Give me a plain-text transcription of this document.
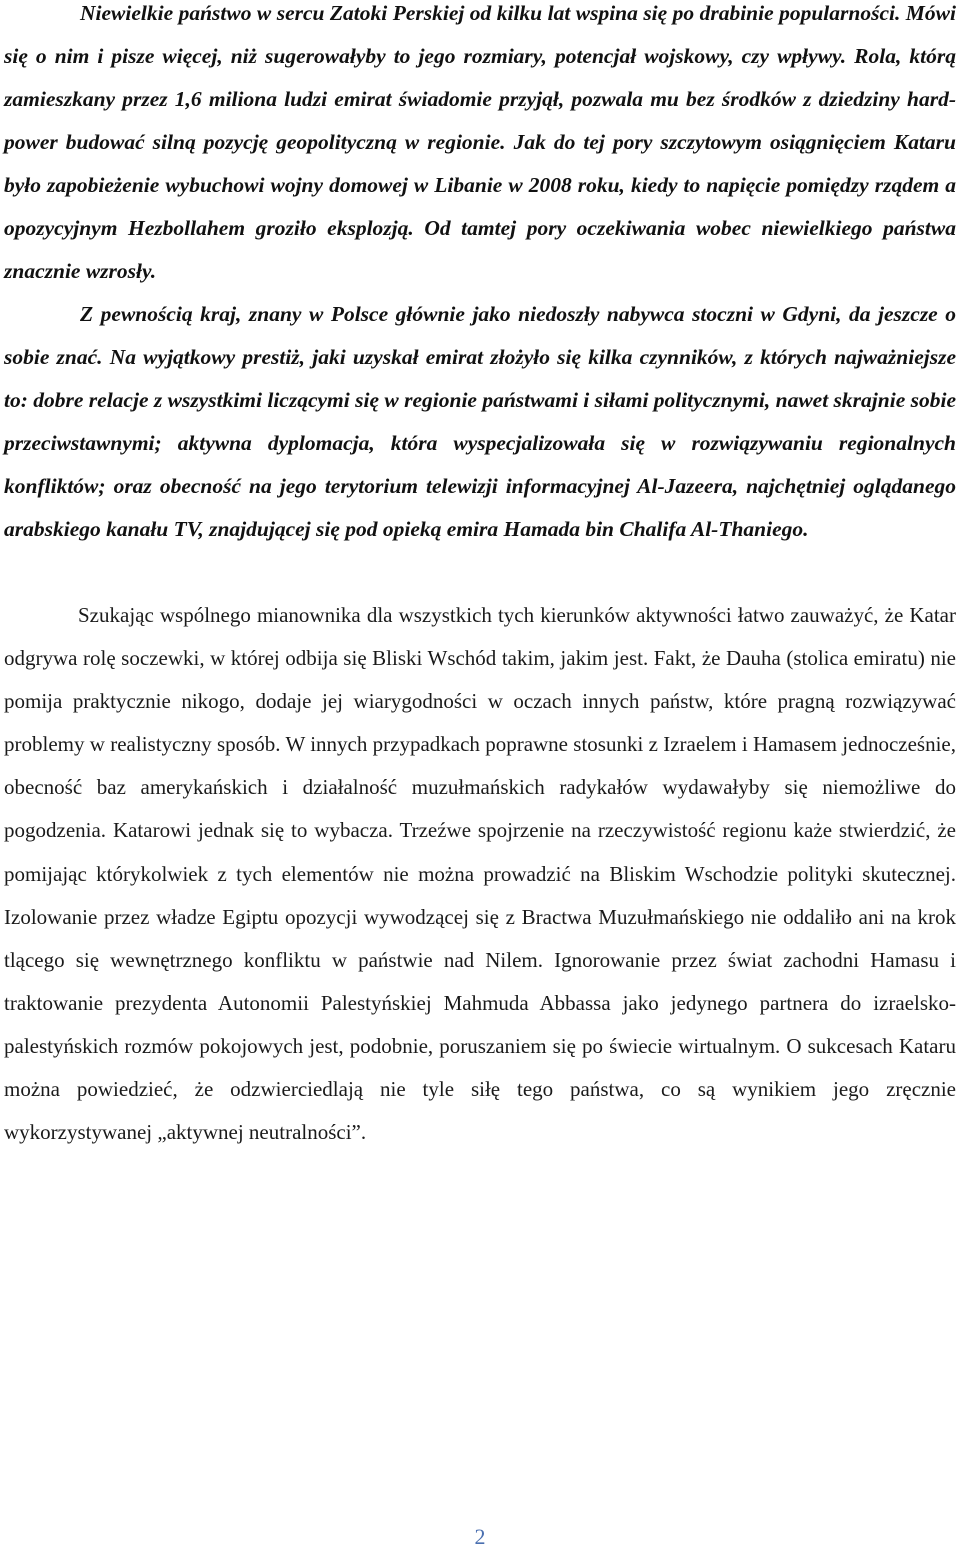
Niewielkie państwo w sercu Zatoki Perskiej od kilku lat wspina się po drabinie popularności. Mówi się o nim i pisze więcej, niż sugerowałyby to jego rozmiary, potencjał wojskowy, czy wpływy. Rola, którą zamieszkany przez 1,6 miliona ludzi emirat świadomie przyjął, pozwala mu bez środków z dziedziny hard-power budować silną pozycję geopolityczną w regionie. Jak do tej pory szczytowym osiągnięciem Kataru było zapobieżenie wybuchowi wojny domowej w Libanie w 2008 roku, kiedy to napięcie pomiędzy rządem a opozycyjnym Hezbollahem groziło eksplozją. Od tamtej pory oczekiwania wobec niewielkiego państwa znacznie wzrosły.

Z pewnością kraj, znany w Polsce głównie jako niedoszły nabywca stoczni w Gdyni, da jeszcze o sobie znać. Na wyjątkowy prestiż, jaki uzyskał emirat złożyło się kilka czynników, z których najważniejsze to: dobre relacje z wszystkimi liczącymi się w regionie państwami i siłami politycznymi, nawet skrajnie sobie przeciwstawnymi; aktywna dyplomacja, która wyspecjalizowała się w rozwiązywaniu regionalnych konfliktów; oraz obecność na jego terytorium telewizji informacyjnej Al-Jazeera, najchętniej oglądanego arabskiego kanału TV, znajdującej się pod opieką emira Hamada bin Chalifa Al-Thaniego.

Szukając wspólnego mianownika dla wszystkich tych kierunków aktywności łatwo zauważyć, że Katar odgrywa rolę soczewki, w której odbija się Bliski Wschód takim, jakim jest. Fakt, że Dauha (stolica emiratu) nie pomija praktycznie nikogo, dodaje jej wiarygodności w oczach innych państw, które pragną rozwiązywać problemy w realistyczny sposób. W innych przypadkach poprawne stosunki z Izraelem i Hamasem jednocześnie, obecność baz amerykańskich i działalność muzułmańskich radykałów wydawałyby się niemożliwe do pogodzenia. Katarowi jednak się to wybacza. Trzeźwe spojrzenie na rzeczywistość regionu każe stwierdzić, że pomijając którykolwiek z tych elementów nie można prowadzić na Bliskim Wschodzie polityki skutecznej. Izolowanie przez władze Egiptu opozycji wywodzącej się z Bractwa Muzułmańskiego nie oddaliło ani na krok tlącego się wewnętrznego konfliktu w państwie nad Nilem. Ignorowanie przez świat zachodni Hamasu i traktowanie prezydenta Autonomii Palestyńskiej Mahmuda Abbassa jako jedynego partnera do izraelsko-palestyńskich rozmów pokojowych jest, podobnie, poruszaniem się po świecie wirtualnym. O sukcesach Kataru można powiedzieć, że odzwierciedlają nie tyle siłę tego państwa, co są wynikiem jego zręcznie wykorzystywanej „aktywnej neutralności”.

2
